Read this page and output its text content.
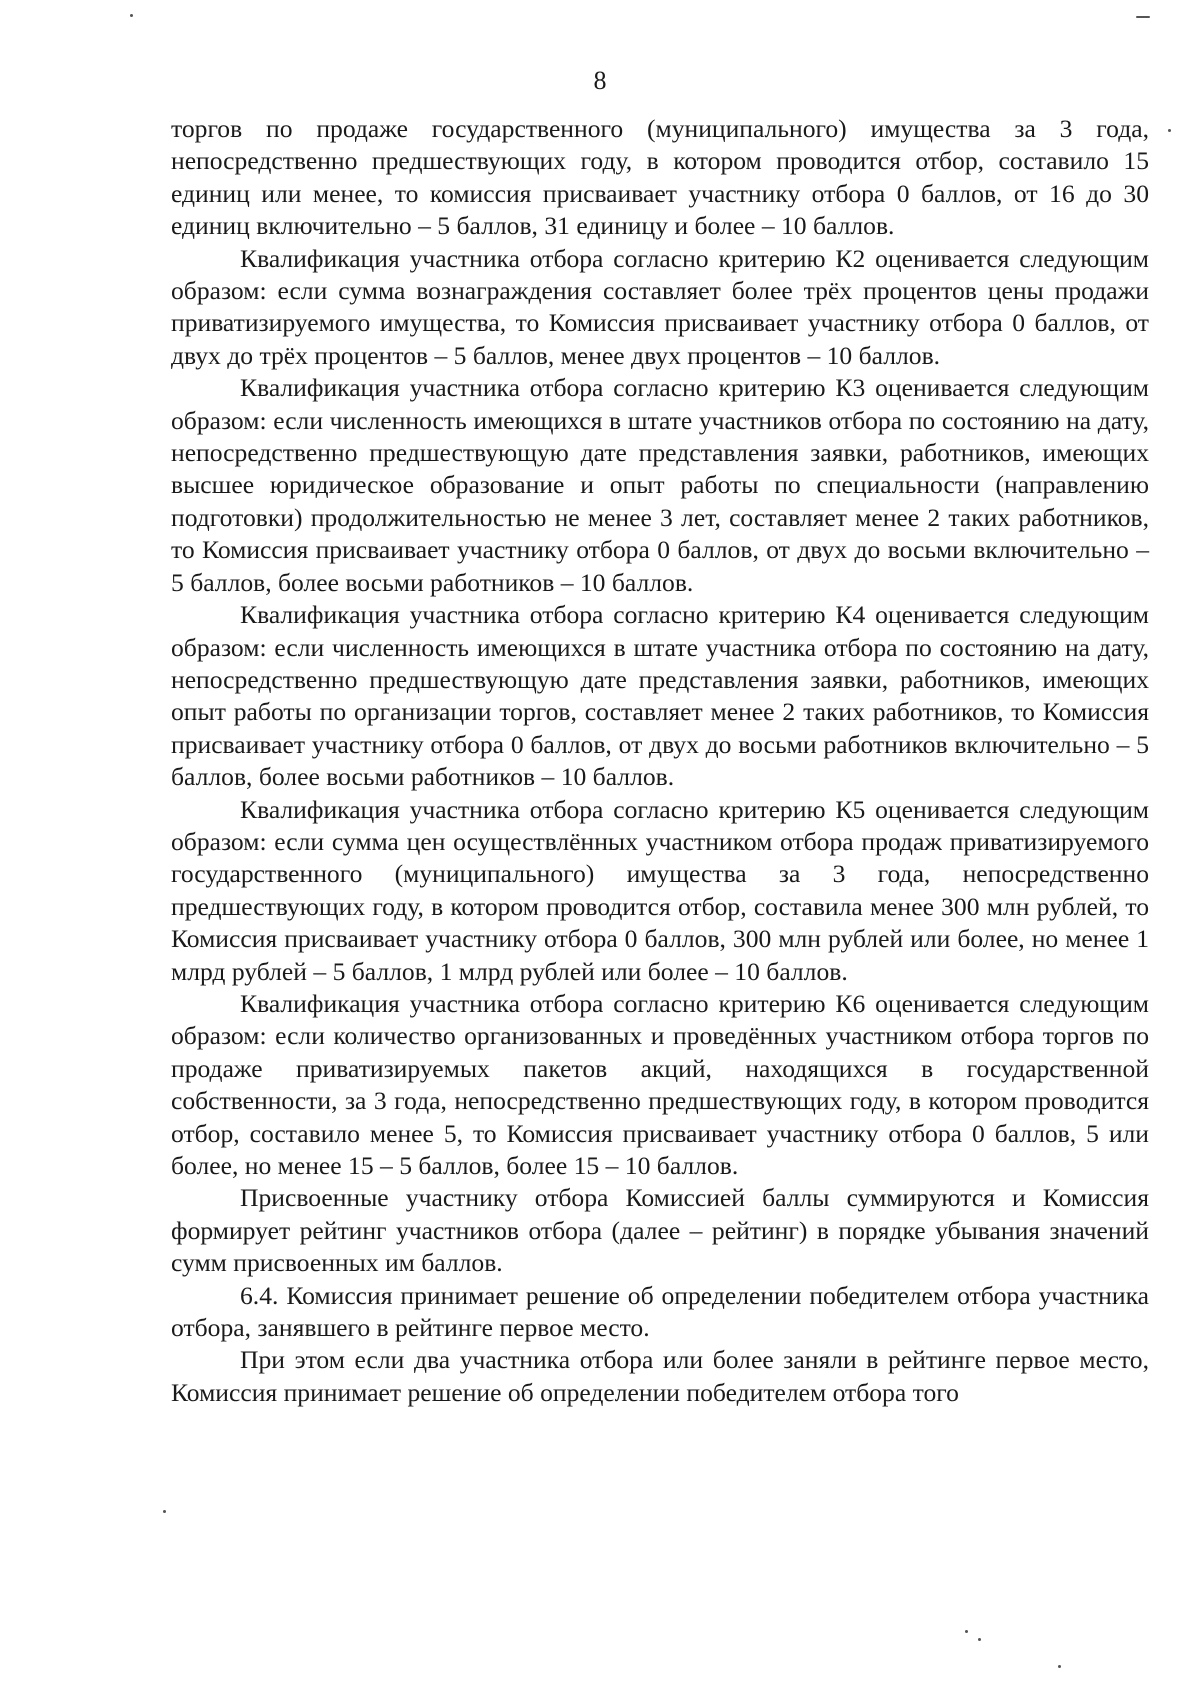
8

торгов по продаже государственного (муниципального) имущества за 3 года, непосредственно предшествующих году, в котором проводится отбор, составило 15 единиц или менее, то комиссия присваивает участнику отбора 0 баллов, от 16 до 30 единиц включительно – 5 баллов, 31 единицу и более – 10 баллов.

Квалификация участника отбора согласно критерию К2 оценивается следующим образом: если сумма вознаграждения составляет более трёх процентов цены продажи приватизируемого имущества, то Комиссия присваивает участнику отбора 0 баллов, от двух до трёх процентов – 5 баллов, менее двух процентов – 10 баллов.

Квалификация участника отбора согласно критерию К3 оценивается следующим образом: если численность имеющихся в штате участников отбора по состоянию на дату, непосредственно предшествующую дате представления заявки, работников, имеющих высшее юридическое образование и опыт работы по специальности (направлению подготовки) продолжительностью не менее 3 лет, составляет менее 2 таких работников, то Комиссия присваивает участнику отбора 0 баллов, от двух до восьми включительно – 5 баллов, более восьми работников – 10 баллов.

Квалификация участника отбора согласно критерию К4 оценивается следующим образом: если численность имеющихся в штате участника отбора по состоянию на дату, непосредственно предшествующую дате представления заявки, работников, имеющих опыт работы по организации торгов, составляет менее 2 таких работников, то Комиссия присваивает участнику отбора 0 баллов, от двух до восьми работников включительно – 5 баллов, более восьми работников – 10 баллов.

Квалификация участника отбора согласно критерию К5 оценивается следующим образом: если сумма цен осуществлённых участником отбора продаж приватизируемого государственного (муниципального) имущества за 3 года, непосредственно предшествующих году, в котором проводится отбор, составила менее 300 млн рублей, то Комиссия присваивает участнику отбора 0 баллов, 300 млн рублей или более, но менее 1 млрд рублей – 5 баллов, 1 млрд рублей или более – 10 баллов.

Квалификация участника отбора согласно критерию К6 оценивается следующим образом: если количество организованных и проведённых участником отбора торгов по продаже приватизируемых пакетов акций, находящихся в государственной собственности, за 3 года, непосредственно предшествующих году, в котором проводится отбор, составило менее 5, то Комиссия присваивает участнику отбора 0 баллов, 5 или более, но менее 15 – 5 баллов, более 15 – 10 баллов.

Присвоенные участнику отбора Комиссией баллы суммируются и Комиссия формирует рейтинг участников отбора (далее – рейтинг) в порядке убывания значений сумм присвоенных им баллов.

6.4. Комиссия принимает решение об определении победителем отбора участника отбора, занявшего в рейтинге первое место.

При этом если два участника отбора или более заняли в рейтинге первое место, Комиссия принимает решение об определении победителем отбора того
